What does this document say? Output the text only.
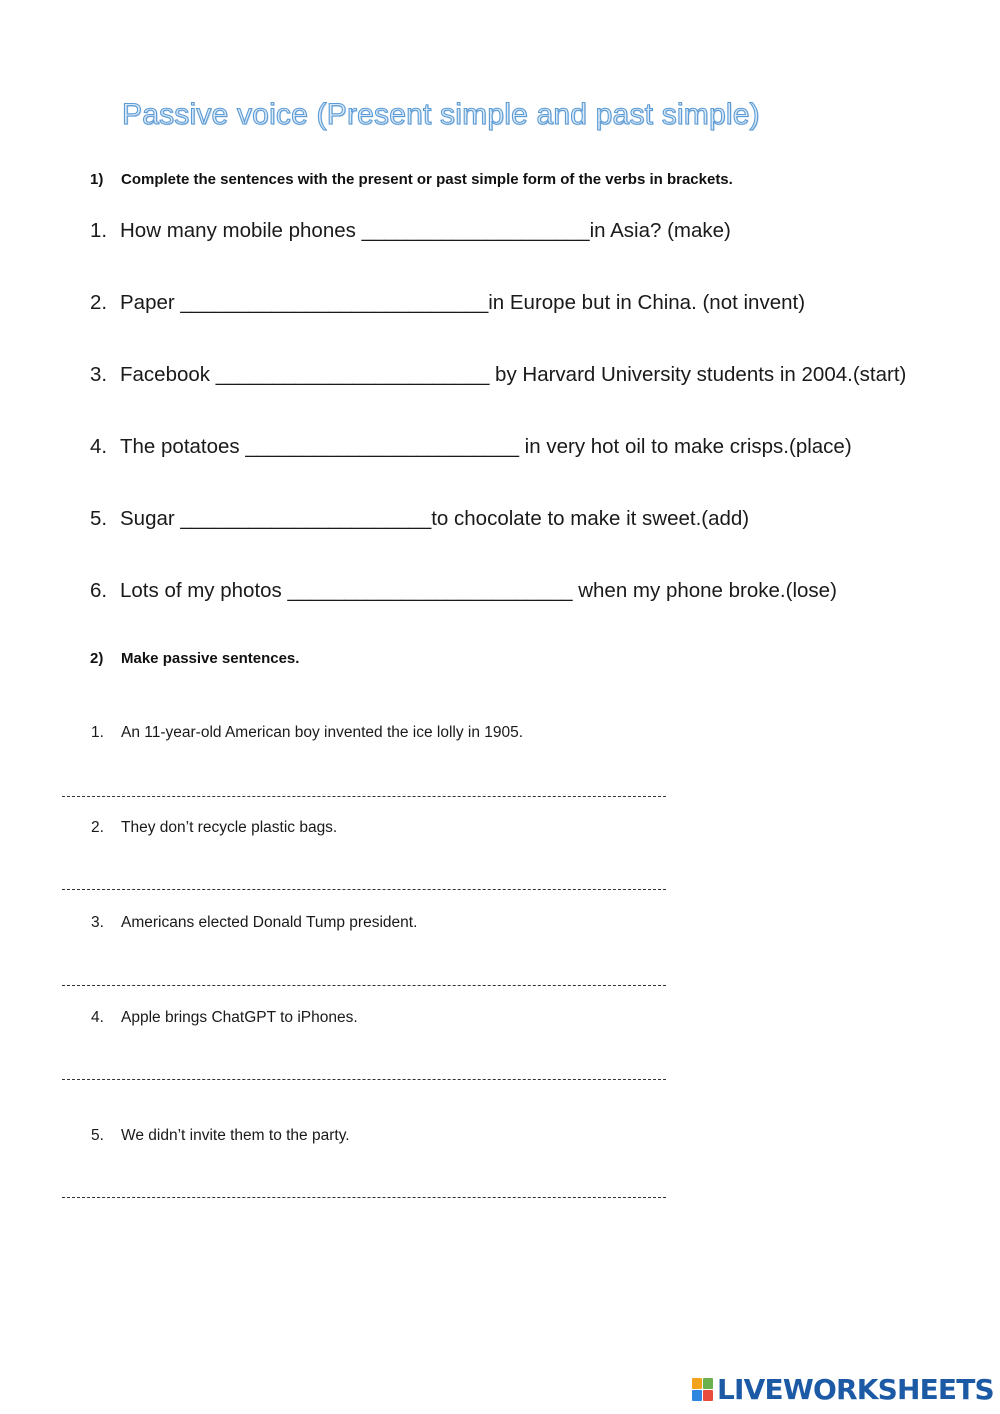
Passive voice (Present simple and past simple)
1) Complete the sentences with the present or past simple form of the verbs in brackets.
1. How many mobile phones ____________________in Asia? (make)
2. Paper ___________________________in Europe but in China. (not invent)
3. Facebook ________________________ by Harvard University students in 2004.(start)
4. The potatoes ________________________ in very hot oil to make crisps.(place)
5. Sugar ______________________to chocolate to make it sweet.(add)
6. Lots of my photos _________________________ when my phone broke.(lose)
2) Make passive sentences.
1. An 11-year-old American boy invented the ice lolly in 1905.
2. They don’t recycle plastic bags.
3. Americans elected Donald Tump president.
4. Apple brings ChatGPT to iPhones.
5. We didn’t invite them to the party.
LIVEWORKSHEETS
